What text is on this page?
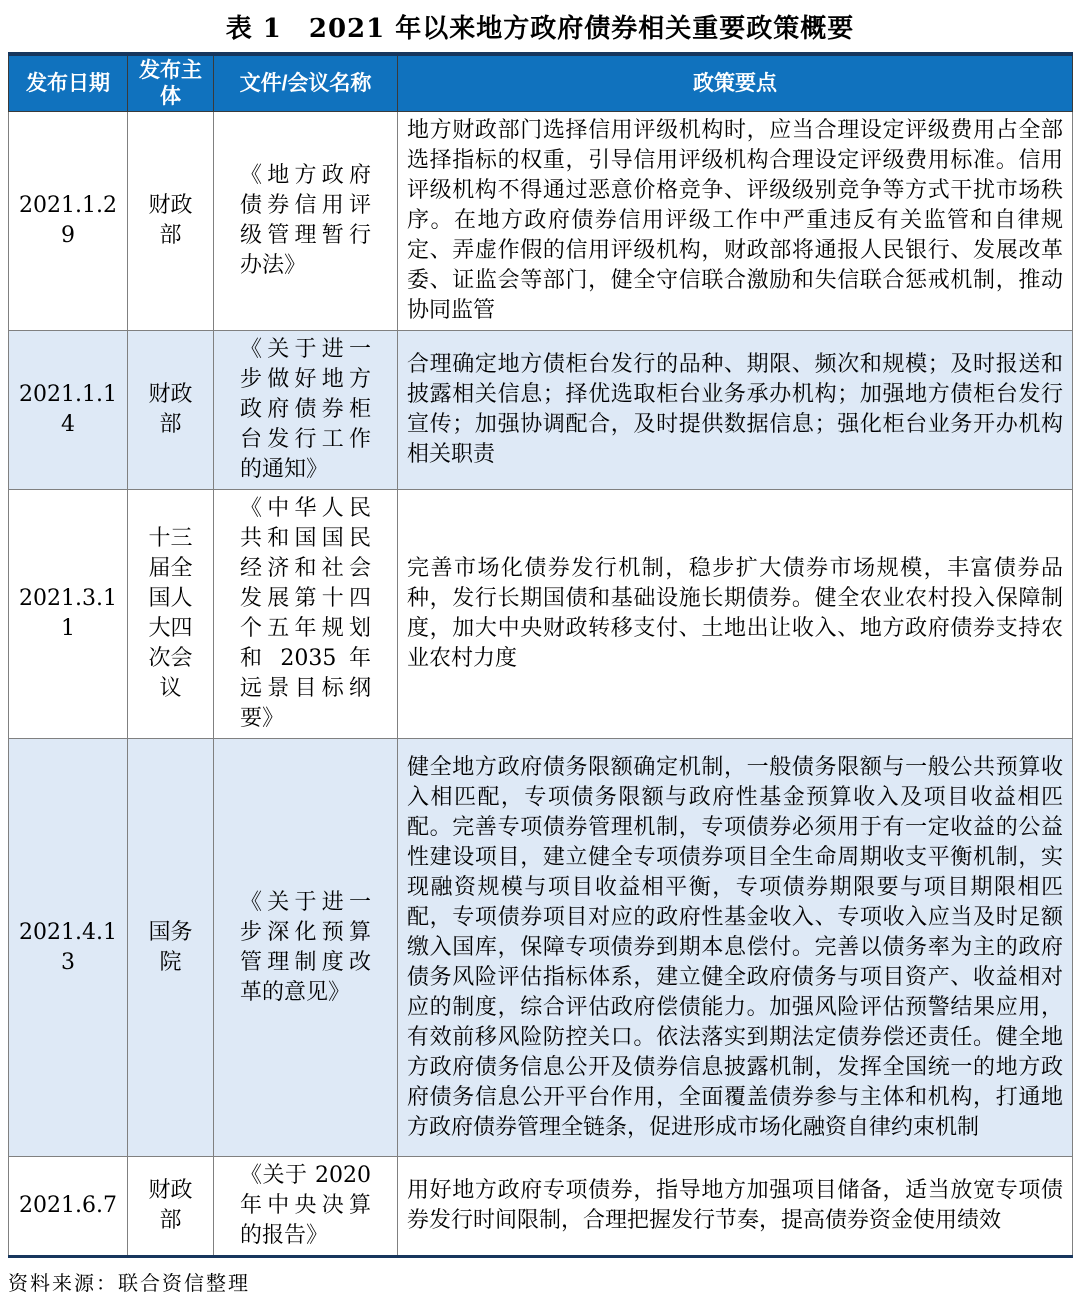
表 1　2021 年以来地方政府债券相关重要政策概要
发布日期	发布主体	文件/会议名称	政策要点
2021.1.29	财政部	《地方政府债券信用评级管理暂行办法》	地方财政部门选择信用评级机构时，应当合理设定评级费用占全部选择指标的权重，引导信用评级机构合理设定评级费用标准。信用评级机构不得通过恶意价格竞争、评级级别竞争等方式干扰市场秩序。在地方政府债券信用评级工作中严重违反有关监管和自律规定、弄虚作假的信用评级机构，财政部将通报人民银行、发展改革委、证监会等部门，健全守信联合激励和失信联合惩戒机制，推动协同监管
2021.1.14	财政部	《关于进一步做好地方政府债券柜台发行工作的通知》	合理确定地方债柜台发行的品种、期限、频次和规模；及时报送和披露相关信息；择优选取柜台业务承办机构；加强地方债柜台发行宣传；加强协调配合，及时提供数据信息；强化柜台业务开办机构相关职责
2021.3.11	十三届全国人大四次会议	《中华人民共和国国民经济和社会发展第十四个五年规划和 2035 年远景目标纲要》	完善市场化债券发行机制，稳步扩大债券市场规模，丰富债券品种，发行长期国债和基础设施长期债券。健全农业农村投入保障制度，加大中央财政转移支付、土地出让收入、地方政府债券支持农业农村力度
2021.4.13	国务院	《关于进一步深化预算管理制度改革的意见》	健全地方政府债务限额确定机制，一般债务限额与一般公共预算收入相匹配，专项债务限额与政府性基金预算收入及项目收益相匹配。完善专项债券管理机制，专项债券必须用于有一定收益的公益性建设项目，建立健全专项债券项目全生命周期收支平衡机制，实现融资规模与项目收益相平衡，专项债券期限要与项目期限相匹配，专项债券项目对应的政府性基金收入、专项收入应当及时足额缴入国库，保障专项债券到期本息偿付。完善以债务率为主的政府债务风险评估指标体系，建立健全政府债务与项目资产、收益相对应的制度，综合评估政府偿债能力。加强风险评估预警结果应用，有效前移风险防控关口。依法落实到期法定债券偿还责任。健全地方政府债务信息公开及债券信息披露机制，发挥全国统一的地方政府债务信息公开平台作用，全面覆盖债券参与主体和机构，打通地方政府债券管理全链条，促进形成市场化融资自律约束机制
2021.6.7	财政部	《关于 2020 年中央决算的报告》	用好地方政府专项债券，指导地方加强项目储备，适当放宽专项债券发行时间限制，合理把握发行节奏，提高债券资金使用绩效
资料来源：联合资信整理
